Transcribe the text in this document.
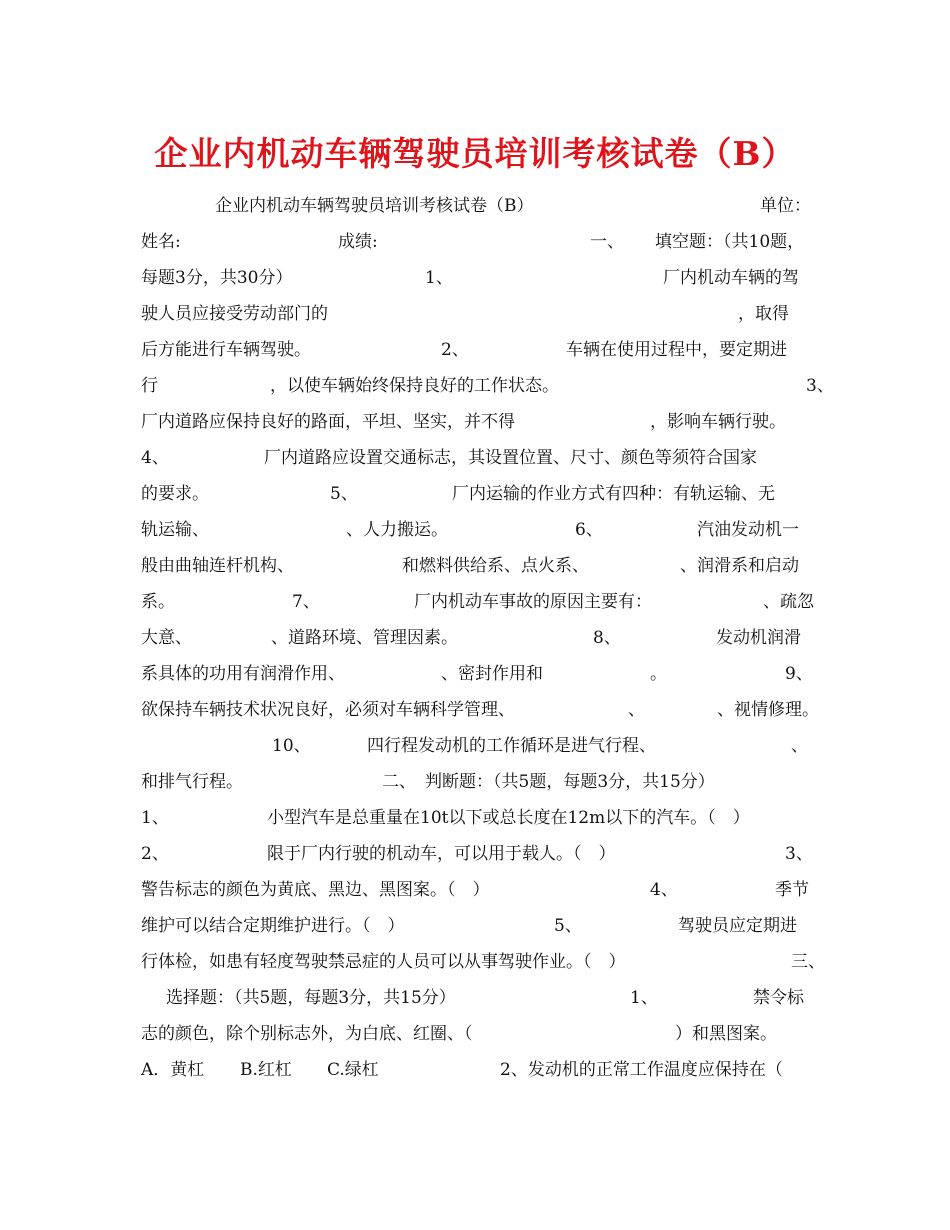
企业内机动车辆驾驶员培训考核试卷（B）
企业内机动车辆驾驶员培训考核试卷（B）	单位：
姓名:	成绩:	一、 填空题：（共10题，
每题3分，共30分）	1、	厂内机动车辆的驾
驶人员应接受劳动部门的	，取得
后方能进行车辆驾驶。	2、	车辆在使用过程中，要定期进
行	，以使车辆始终保持良好的工作状态。	3、
厂内道路应保持良好的路面，平坦、坚实，并不得	，影响车辆行驶。
4、	厂内道路应设置交通标志，其设置位置、尺寸、颜色等须符合国家
的要求。	5、	厂内运输的作业方式有四种：有轨运输、无
轨运输、	、人力搬运。	6、	汽油发动机一
般由曲轴连杆机构、	和燃料供给系、点火系、	、润滑系和启动
系。	7、	厂内机动车事故的原因主要有：	、疏忽
大意、	、道路环境、管理因素。	8、	发动机润滑
系具体的功用有润滑作用、	、密封作用和	。	9、
欲保持车辆技术状况良好，必须对车辆科学管理、	、	、视情修理。
10、	四行程发动机的工作循环是进气行程、	、
和排气行程。	二、 判断题：（共5题，每题3分，共15分）
1、	小型汽车是总重量在10t以下或总长度在12m以下的汽车。（　）
2、	限于厂内行驶的机动车，可以用于载人。（　）	3、
警告标志的颜色为黄底、黑边、黑图案。（　）	4、	季节
维护可以结合定期维护进行。（　）	5、	驾驶员应定期进
行体检，如患有轻度驾驶禁忌症的人员可以从事驾驶作业。（　）	三、
选择题：（共5题，每题3分，共15分）	1、	禁令标
志的颜色，除个别标志外，为白底、红圈、（	）和黑图案。
A．黄杠 B.红杠 C.绿杠	2、发动机的正常工作温度应保持在（
